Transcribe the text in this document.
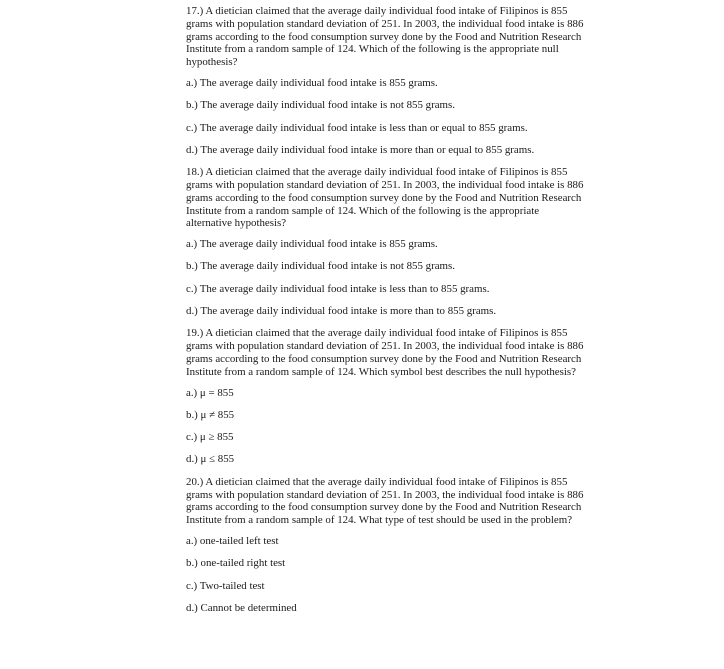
17.) A dietician claimed that the average daily individual food intake of Filipinos is 855 grams with population standard deviation of 251. In 2003, the individual food intake is 886 grams according to the food consumption survey done by the Food and Nutrition Research Institute from a random sample of 124. Which of the following is the appropriate null hypothesis?

a.) The average daily individual food intake is 855 grams.

b.) The average daily individual food intake is not 855 grams.

c.) The average daily individual food intake is less than or equal to 855 grams.

d.) The average daily individual food intake is more than or equal to 855 grams.

18.) A dietician claimed that the average daily individual food intake of Filipinos is 855 grams with population standard deviation of 251. In 2003, the individual food intake is 886 grams according to the food consumption survey done by the Food and Nutrition Research Institute from a random sample of 124. Which of the following is the appropriate alternative hypothesis?

a.) The average daily individual food intake is 855 grams.

b.) The average daily individual food intake is not 855 grams.

c.) The average daily individual food intake is less than to 855 grams.

d.) The average daily individual food intake is more than to 855 grams.

19.) A dietician claimed that the average daily individual food intake of Filipinos is 855 grams with population standard deviation of 251. In 2003, the individual food intake is 886 grams according to the food consumption survey done by the Food and Nutrition Research Institute from a random sample of 124. Which symbol best describes the null hypothesis?

a.) μ = 855

b.) μ ≠ 855

c.) μ ≥ 855

d.) μ ≤ 855

20.) A dietician claimed that the average daily individual food intake of Filipinos is 855 grams with population standard deviation of 251. In 2003, the individual food intake is 886 grams according to the food consumption survey done by the Food and Nutrition Research Institute from a random sample of 124. What type of test should be used in the problem?

a.) one-tailed left test

b.) one-tailed right test

c.) Two-tailed test

d.) Cannot be determined
